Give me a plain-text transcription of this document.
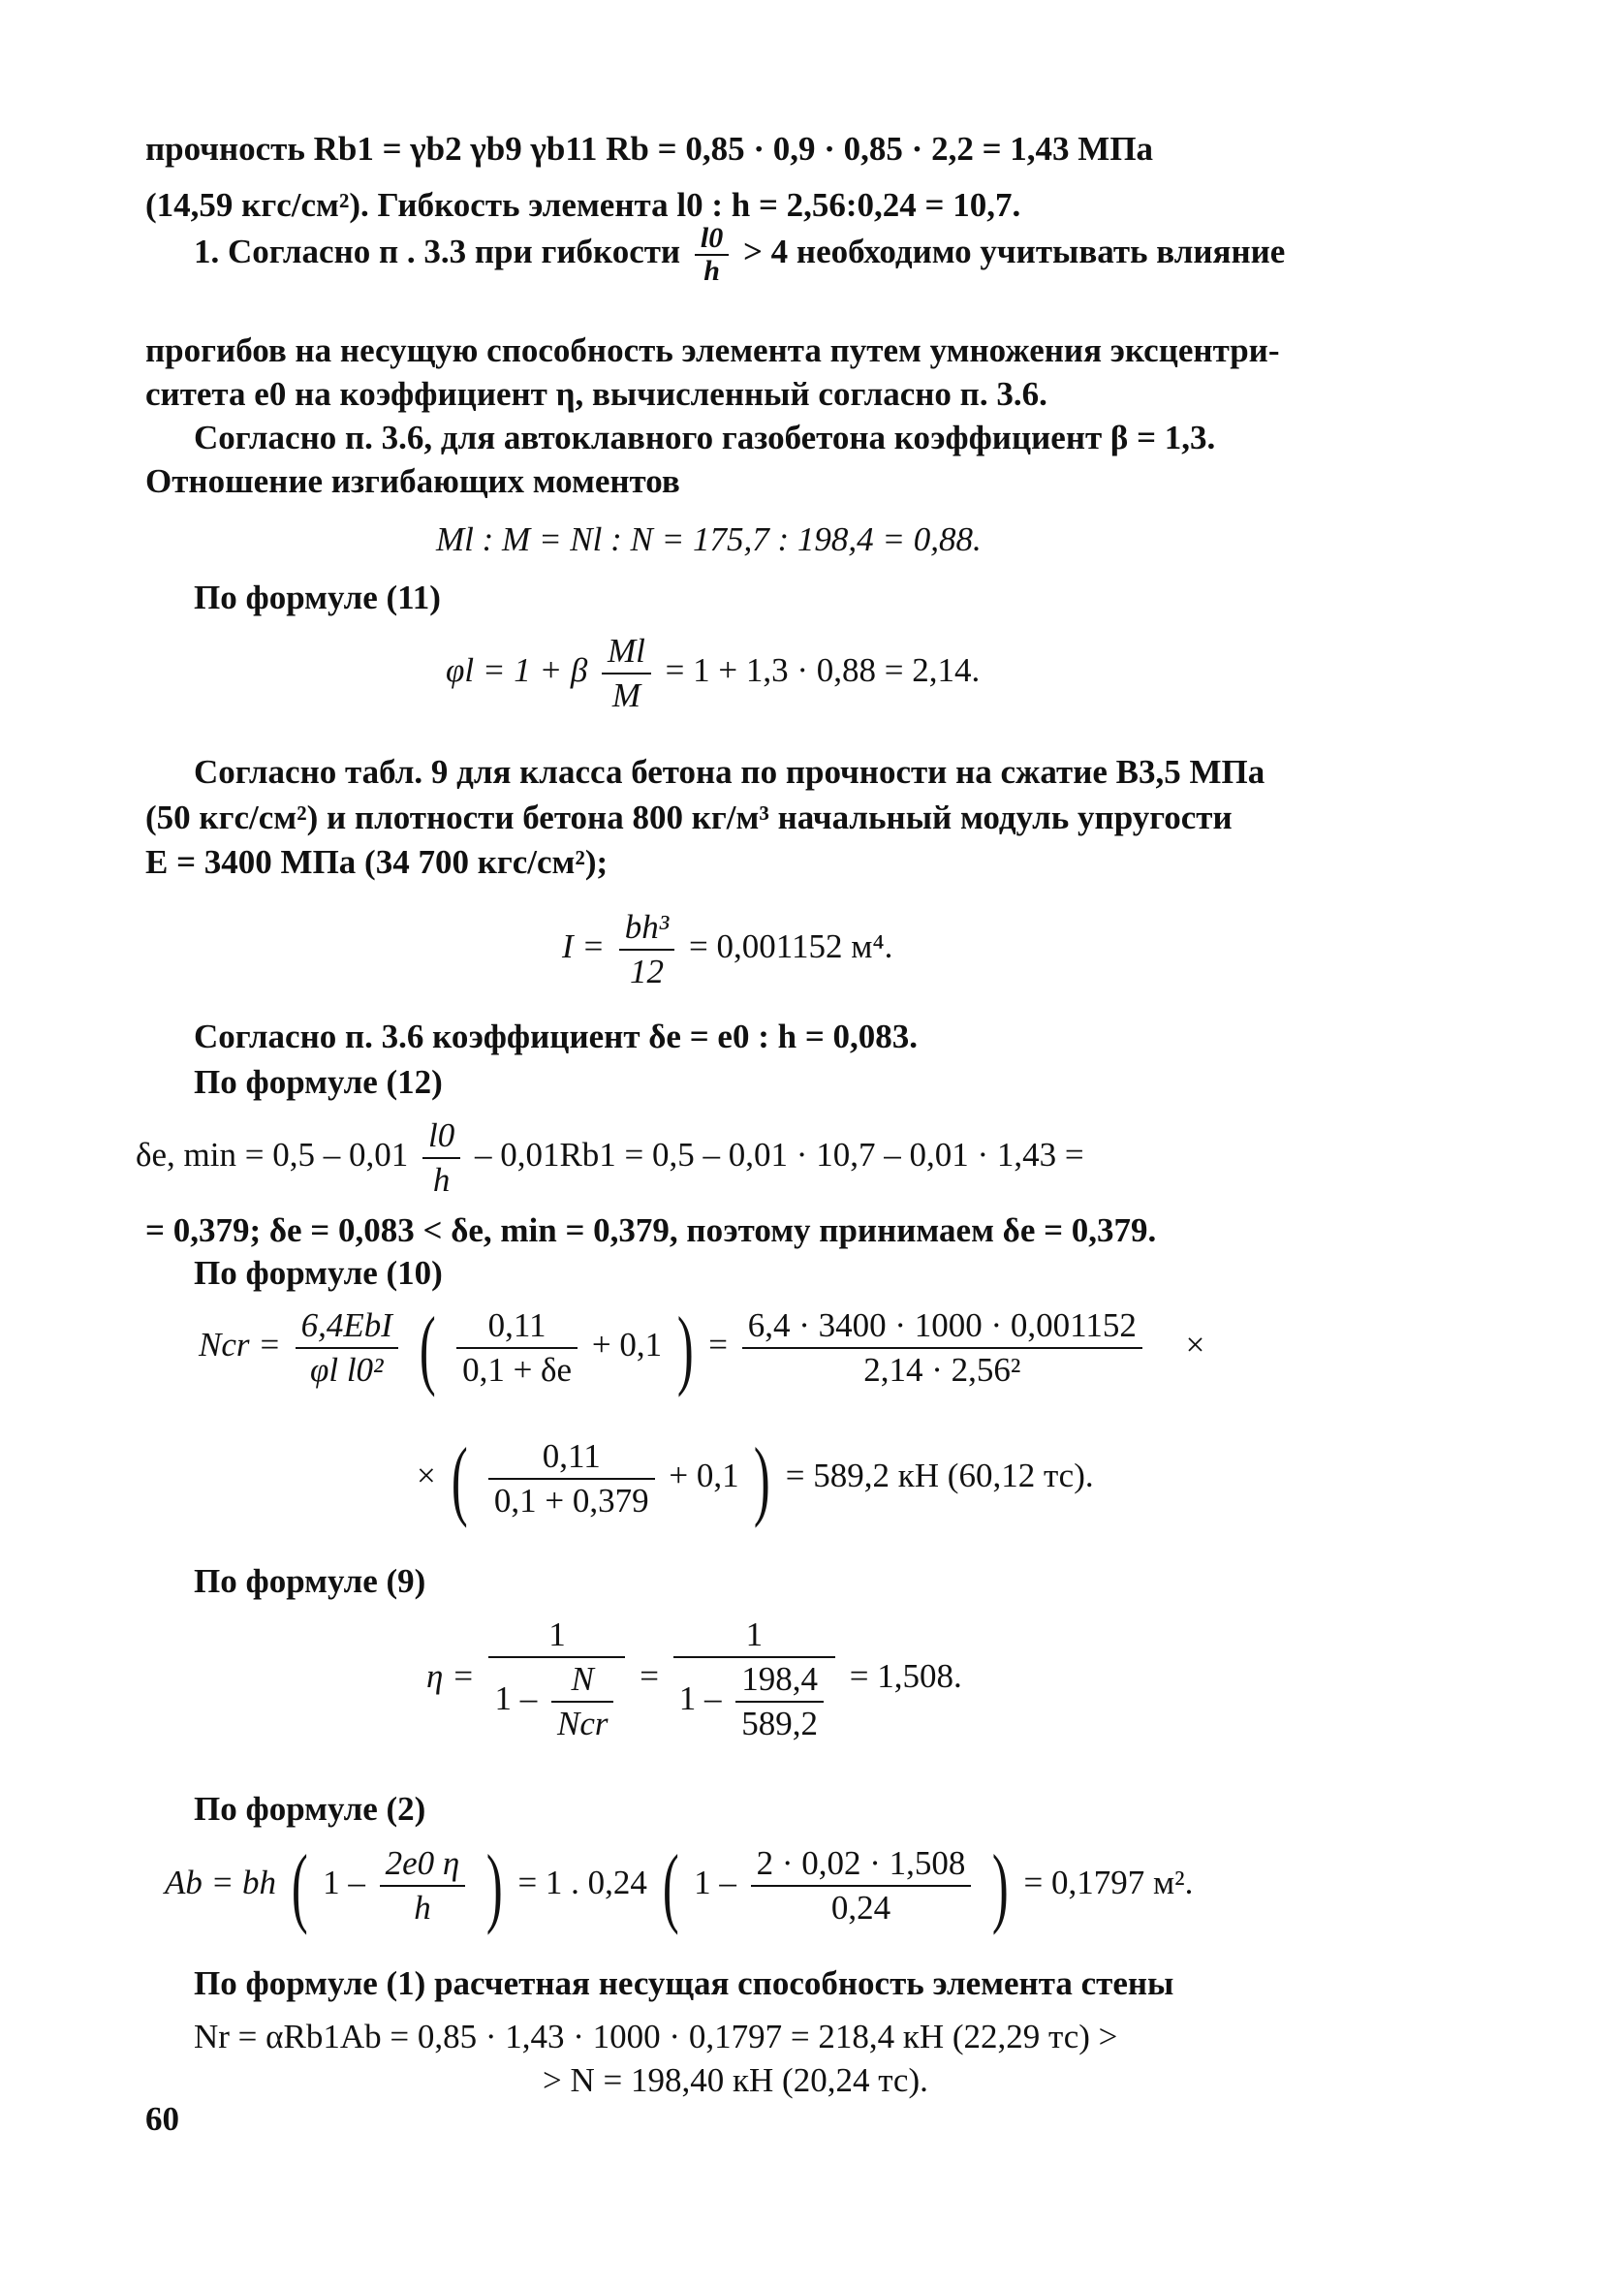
прочность Rb1 = γb2 γb9 γb11 Rb = 0,85 · 0,9 · 0,85 · 2,2 = 1,43 МПа
(14,59 кгс/см²). Гибкость элемента l0 : h = 2,56:0,24 = 10,7.
1. Согласно п . 3.3 при гибкости $\frac{l0}{h} > 4$ необходимо учитывать влияние
прогибов на несущую способность элемента путем умножения эксцентри-
ситета e0 на коэффициент η, вычисленный согласно п. 3.6.
Согласно п. 3.6, для автоклавного газобетона коэффициент β = 1,3.
Отношение изгибающих моментов
Ml : M = Nl : N = 175,7 : 198,4 = 0,88.
По формуле (11)
φl = 1 + β $\frac{Ml}{M} = 1 + 1,3 \cdot 0,88 = 2,14$.
Согласно табл. 9 для класса бетона по прочности на сжатие В3,5 МПа
(50 кгс/см²) и плотности бетона 800 кг/м³ начальный модуль упругости
E = 3400 МПа (34 700 кгс/см²);
$I = \frac{\text{bh³}}{12} = 0,001152$ м⁴.
Согласно п. 3.6 коэффициент δe = e0 : h = 0,083.
По формуле (12)
δe, $\min = 0,5 - 0,01 \frac{l0}{h} - 0,01Rb1 = 0,5 - 0,01 \cdot 10,7 - 0,01 \cdot 1,43$ =
= 0,379; δe = 0,083 < δe, min = 0,379, поэтому принимаем δe = 0,379.
По формуле (10)
Ncr = $\frac{\text{6,4EbI}}{\text{φl l0²}}$ ( $\frac{0,11}{0,1 + \delta e} + 0,1$ ) = $\frac{6,4 \cdot 3400 \cdot 1000 \cdot 0,001152}{\text{2,14 · 2,56²}}$ ×
× ( $\frac{0,11}{0,1 + 0,379} + 0,1$ ) = 589,2 кН (60,12 тс).
По формуле (9)
$\eta = \frac{1}{1 - \frac{N}{\text{Ncr}}} = \frac{1}{1 - \frac{198,4}{589,2}} = 1,508$.
По формуле (2)
Ab = bh ( $1 - \frac{2e0 \eta}{h}$ ) = 1 . 0,24 ( $1 - \frac{2 \cdot 0,02 \cdot 1,508}{0,24}$ ) = 0,1797 м².
По формуле (1) расчетная несущая способность элемента стены
Nr = αRb1Ab = 0,85 · 1,43 · 1000 · 0,1797 = 218,4 кН (22,29 тс) >
> N = 198,40 кН (20,24 тс).
60
